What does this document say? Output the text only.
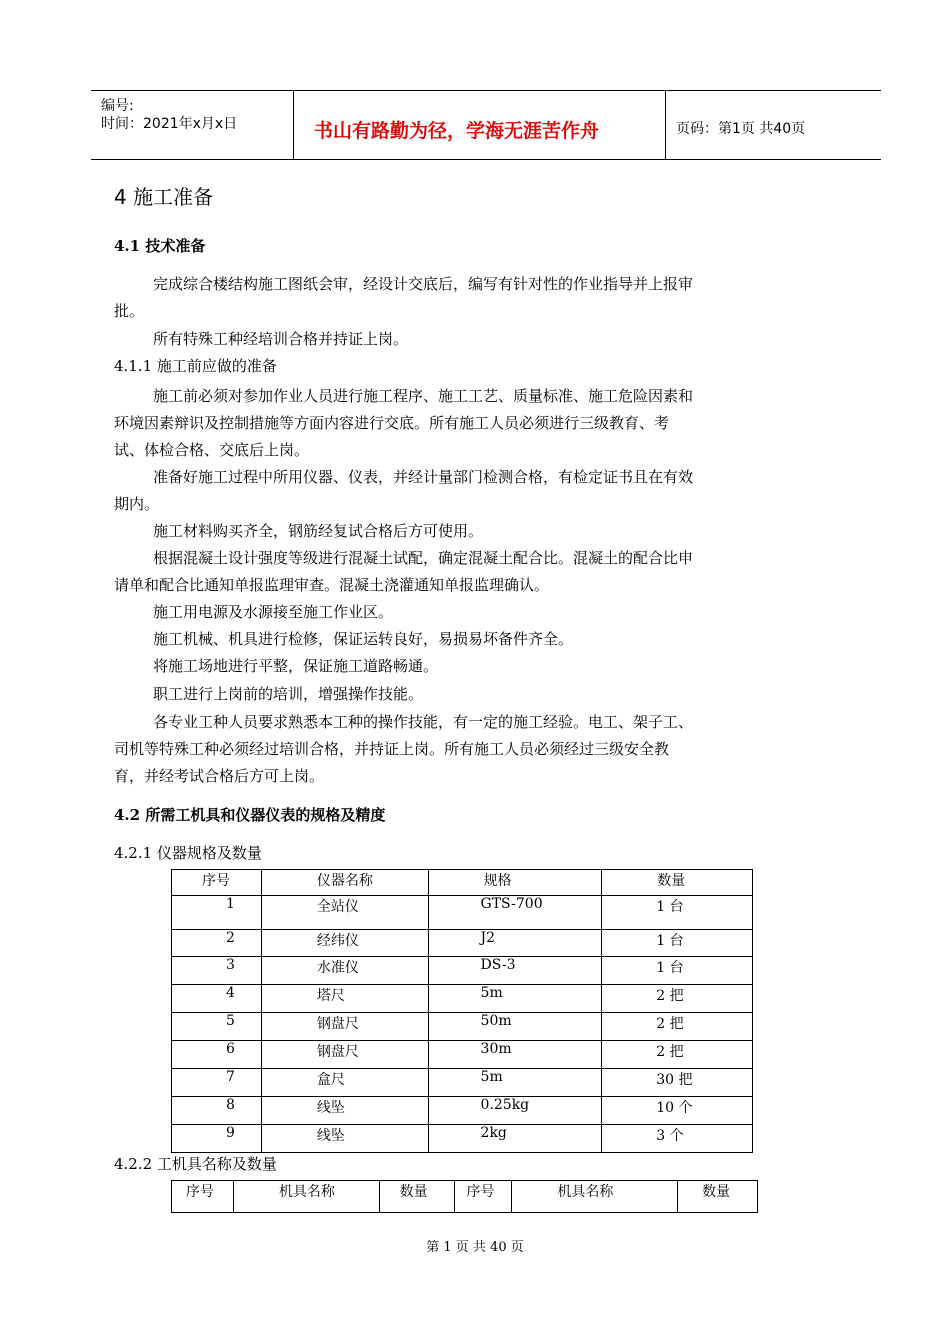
编号:
时间：2021年x月x日	书山有路勤为径，学海无涯苦作舟	页码：第1页 共40页
4 施工准备
4.1 技术准备
完成综合楼结构施工图纸会审，经设计交底后，编写有针对性的作业指导并上报审
批。
所有特殊工种经培训合格并持证上岗。
4.1.1 施工前应做的准备
施工前必须对参加作业人员进行施工程序、施工工艺、质量标准、施工危险因素和
环境因素辩识及控制措施等方面内容进行交底。所有施工人员必须进行三级教育、考
试、体检合格、交底后上岗。
准备好施工过程中所用仪器、仪表，并经计量部门检测合格，有检定证书且在有效
期内。
施工材料购买齐全，钢筋经复试合格后方可使用。
根据混凝土设计强度等级进行混凝土试配，确定混凝土配合比。混凝土的配合比申
请单和配合比通知单报监理审查。混凝土浇灌通知单报监理确认。
施工用电源及水源接至施工作业区。
施工机械、机具进行检修，保证运转良好，易损易坏备件齐全。
将施工场地进行平整，保证施工道路畅通。
职工进行上岗前的培训，增强操作技能。
各专业工种人员要求熟悉本工种的操作技能，有一定的施工经验。电工、架子工、
司机等特殊工种必须经过培训合格，并持证上岗。所有施工人员必须经过三级安全教
育，并经考试合格后方可上岗。
4.2 所需工机具和仪器仪表的规格及精度
4.2.1 仪器规格及数量
序号	仪器名称	规格	数量
1	全站仪	GTS-700	1 台
2	经纬仪	J2	1 台
3	水准仪	DS-3	1 台
4	塔尺	5m	2 把
5	钢盘尺	50m	2 把
6	钢盘尺	30m	2 把
7	盒尺	5m	30 把
8	线坠	0.25kg	10 个
9	线坠	2kg	3 个
4.2.2 工机具名称及数量
序号	机具名称	数量	序号	机具名称	数量
第 1 页 共 40 页
